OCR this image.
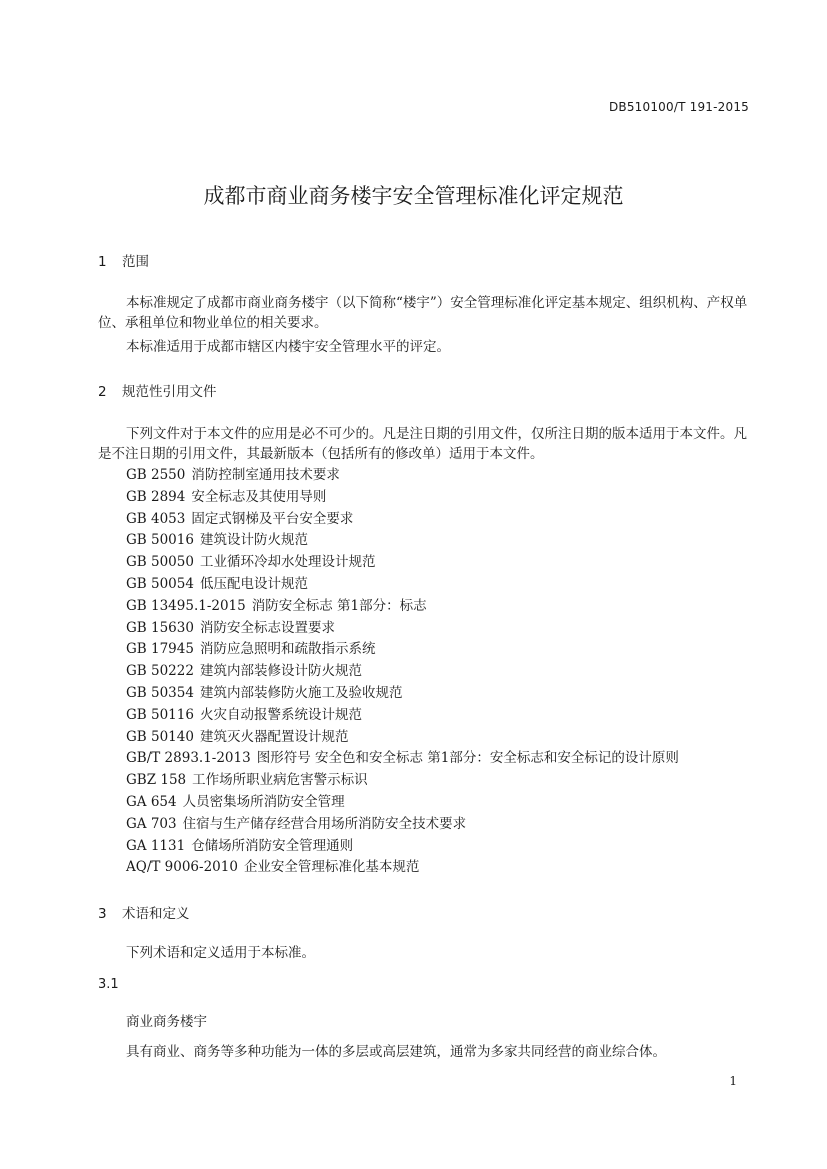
DB510100/T 191-2015
成都市商业商务楼宇安全管理标准化评定规范
1 范围
本标准规定了成都市商业商务楼宇（以下简称“楼宇”）安全管理标准化评定基本规定、组织机构、产权单位、承租单位和物业单位的相关要求。
本标准适用于成都市辖区内楼宇安全管理水平的评定。
2 规范性引用文件
下列文件对于本文件的应用是必不可少的。凡是注日期的引用文件，仅所注日期的版本适用于本文件。凡是不注日期的引用文件，其最新版本（包括所有的修改单）适用于本文件。
GB 2550 消防控制室通用技术要求
GB 2894 安全标志及其使用导则
GB 4053 固定式钢梯及平台安全要求
GB 50016 建筑设计防火规范
GB 50050 工业循环冷却水处理设计规范
GB 50054 低压配电设计规范
GB 13495.1-2015 消防安全标志 第1部分：标志
GB 15630 消防安全标志设置要求
GB 17945 消防应急照明和疏散指示系统
GB 50222 建筑内部装修设计防火规范
GB 50354 建筑内部装修防火施工及验收规范
GB 50116 火灾自动报警系统设计规范
GB 50140 建筑灭火器配置设计规范
GB/T 2893.1-2013 图形符号 安全色和安全标志 第1部分：安全标志和安全标记的设计原则
GBZ 158 工作场所职业病危害警示标识
GA 654 人员密集场所消防安全管理
GA 703 住宿与生产储存经营合用场所消防安全技术要求
GA 1131 仓储场所消防安全管理通则
AQ/T 9006-2010 企业安全管理标准化基本规范
3 术语和定义
下列术语和定义适用于本标准。
3.1
商业商务楼宇
具有商业、商务等多种功能为一体的多层或高层建筑，通常为多家共同经营的商业综合体。
1
